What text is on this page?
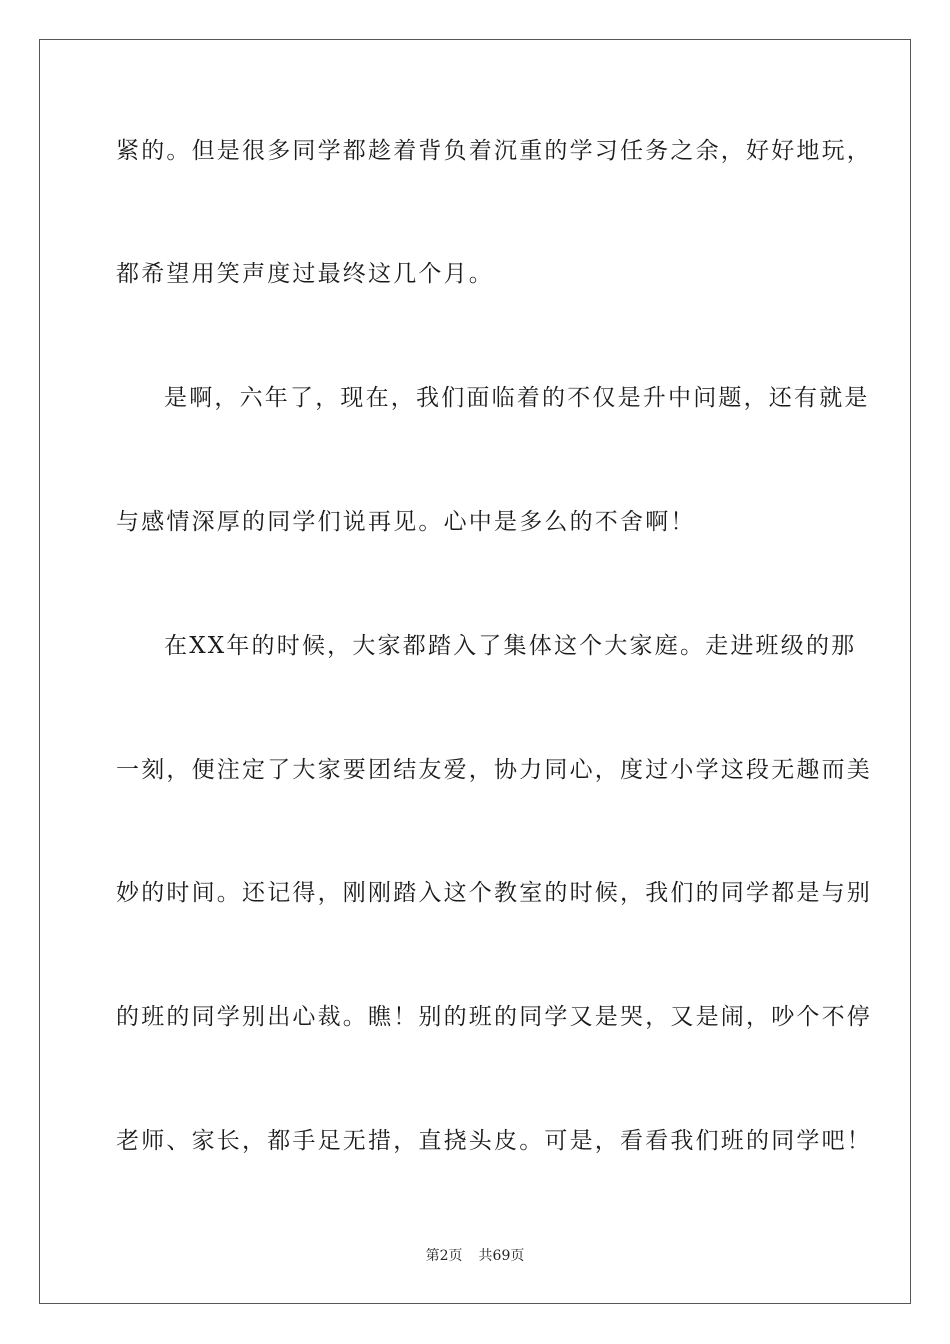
紧的。但是很多同学都趁着背负着沉重的学习任务之余，好好地玩，
都希望用笑声度过最终这几个月。
是啊，六年了，现在，我们面临着的不仅是升中问题，还有就是
与感情深厚的同学们说再见。心中是多么的不舍啊！
在XX年的时候，大家都踏入了集体这个大家庭。走进班级的那
一刻，便注定了大家要团结友爱，协力同心，度过小学这段无趣而美
妙的时间。还记得，刚刚踏入这个教室的时候，我们的同学都是与别
的班的同学别出心裁。瞧！别的班的同学又是哭，又是闹，吵个不停
老师、家长，都手足无措，直挠头皮。可是，看看我们班的同学吧！
第2页 共69页
